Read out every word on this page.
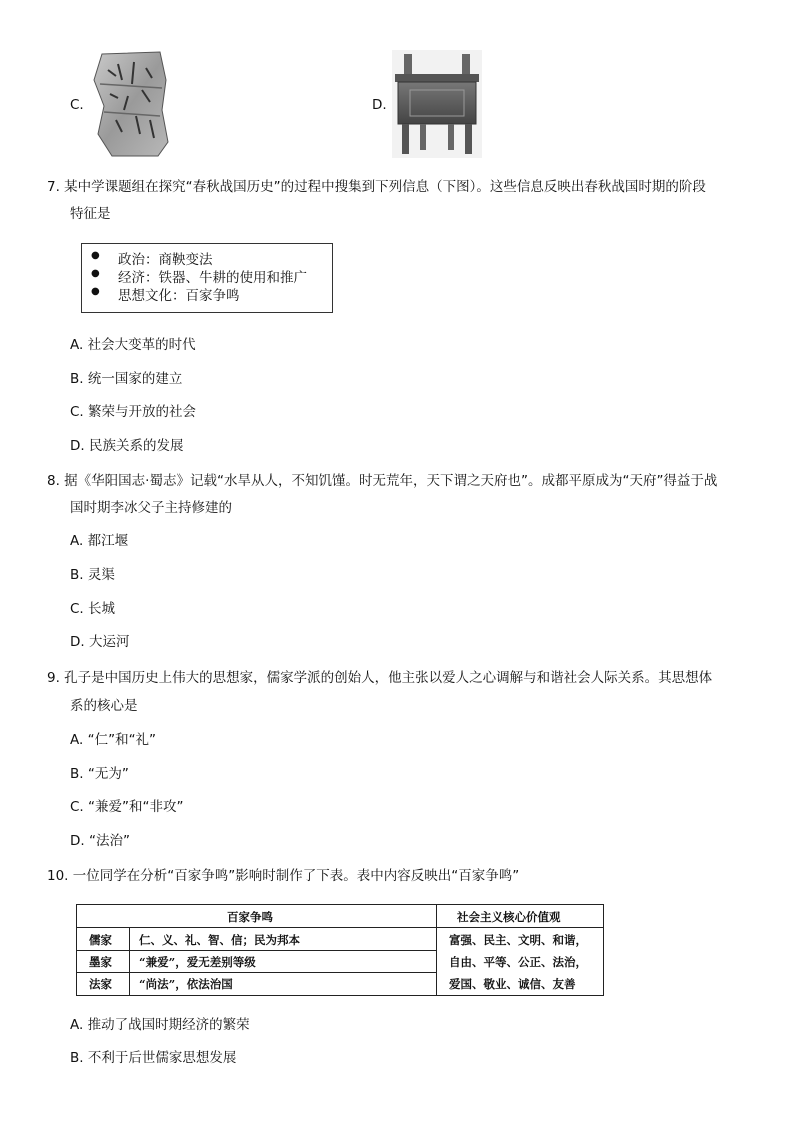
C.	D.
7. 某中学课题组在探究“春秋战国历史”的过程中搜集到下列信息（下图）。这些信息反映出春秋战国时期的阶段
特征是
● 政治：商鞅变法
● 经济：铁器、牛耕的使用和推广
● 思想文化：百家争鸣
A. 社会大变革的时代
B. 统一国家的建立
C. 繁荣与开放的社会
D. 民族关系的发展
8. 据《华阳国志·蜀志》记载“水旱从人，不知饥馑。时无荒年，天下谓之天府也”。成都平原成为“天府”得益于战
国时期李冰父子主持修建的
A. 都江堰
B. 灵渠
C. 长城
D. 大运河
9. 孔子是中国历史上伟大的思想家，儒家学派的创始人，他主张以爱人之心调解与和谐社会人际关系。其思想体
系的核心是
A. “仁”和“礼”
B. “无为”
C. “兼爱”和“非攻”
D. “法治”
10. 一位同学在分析“百家争鸣”影响时制作了下表。表中内容反映出“百家争鸣”
百家争鸣	社会主义核心价值观
儒家 仁、义、礼、智、信；民为邦本
墨家 “兼爱”，爱无差别等级
法家 “尚法”，依法治国
富强、民主、文明、和谐，
自由、平等、公正、法治，
爱国、敬业、诚信、友善
A. 推动了战国时期经济的繁荣
B. 不利于后世儒家思想发展
